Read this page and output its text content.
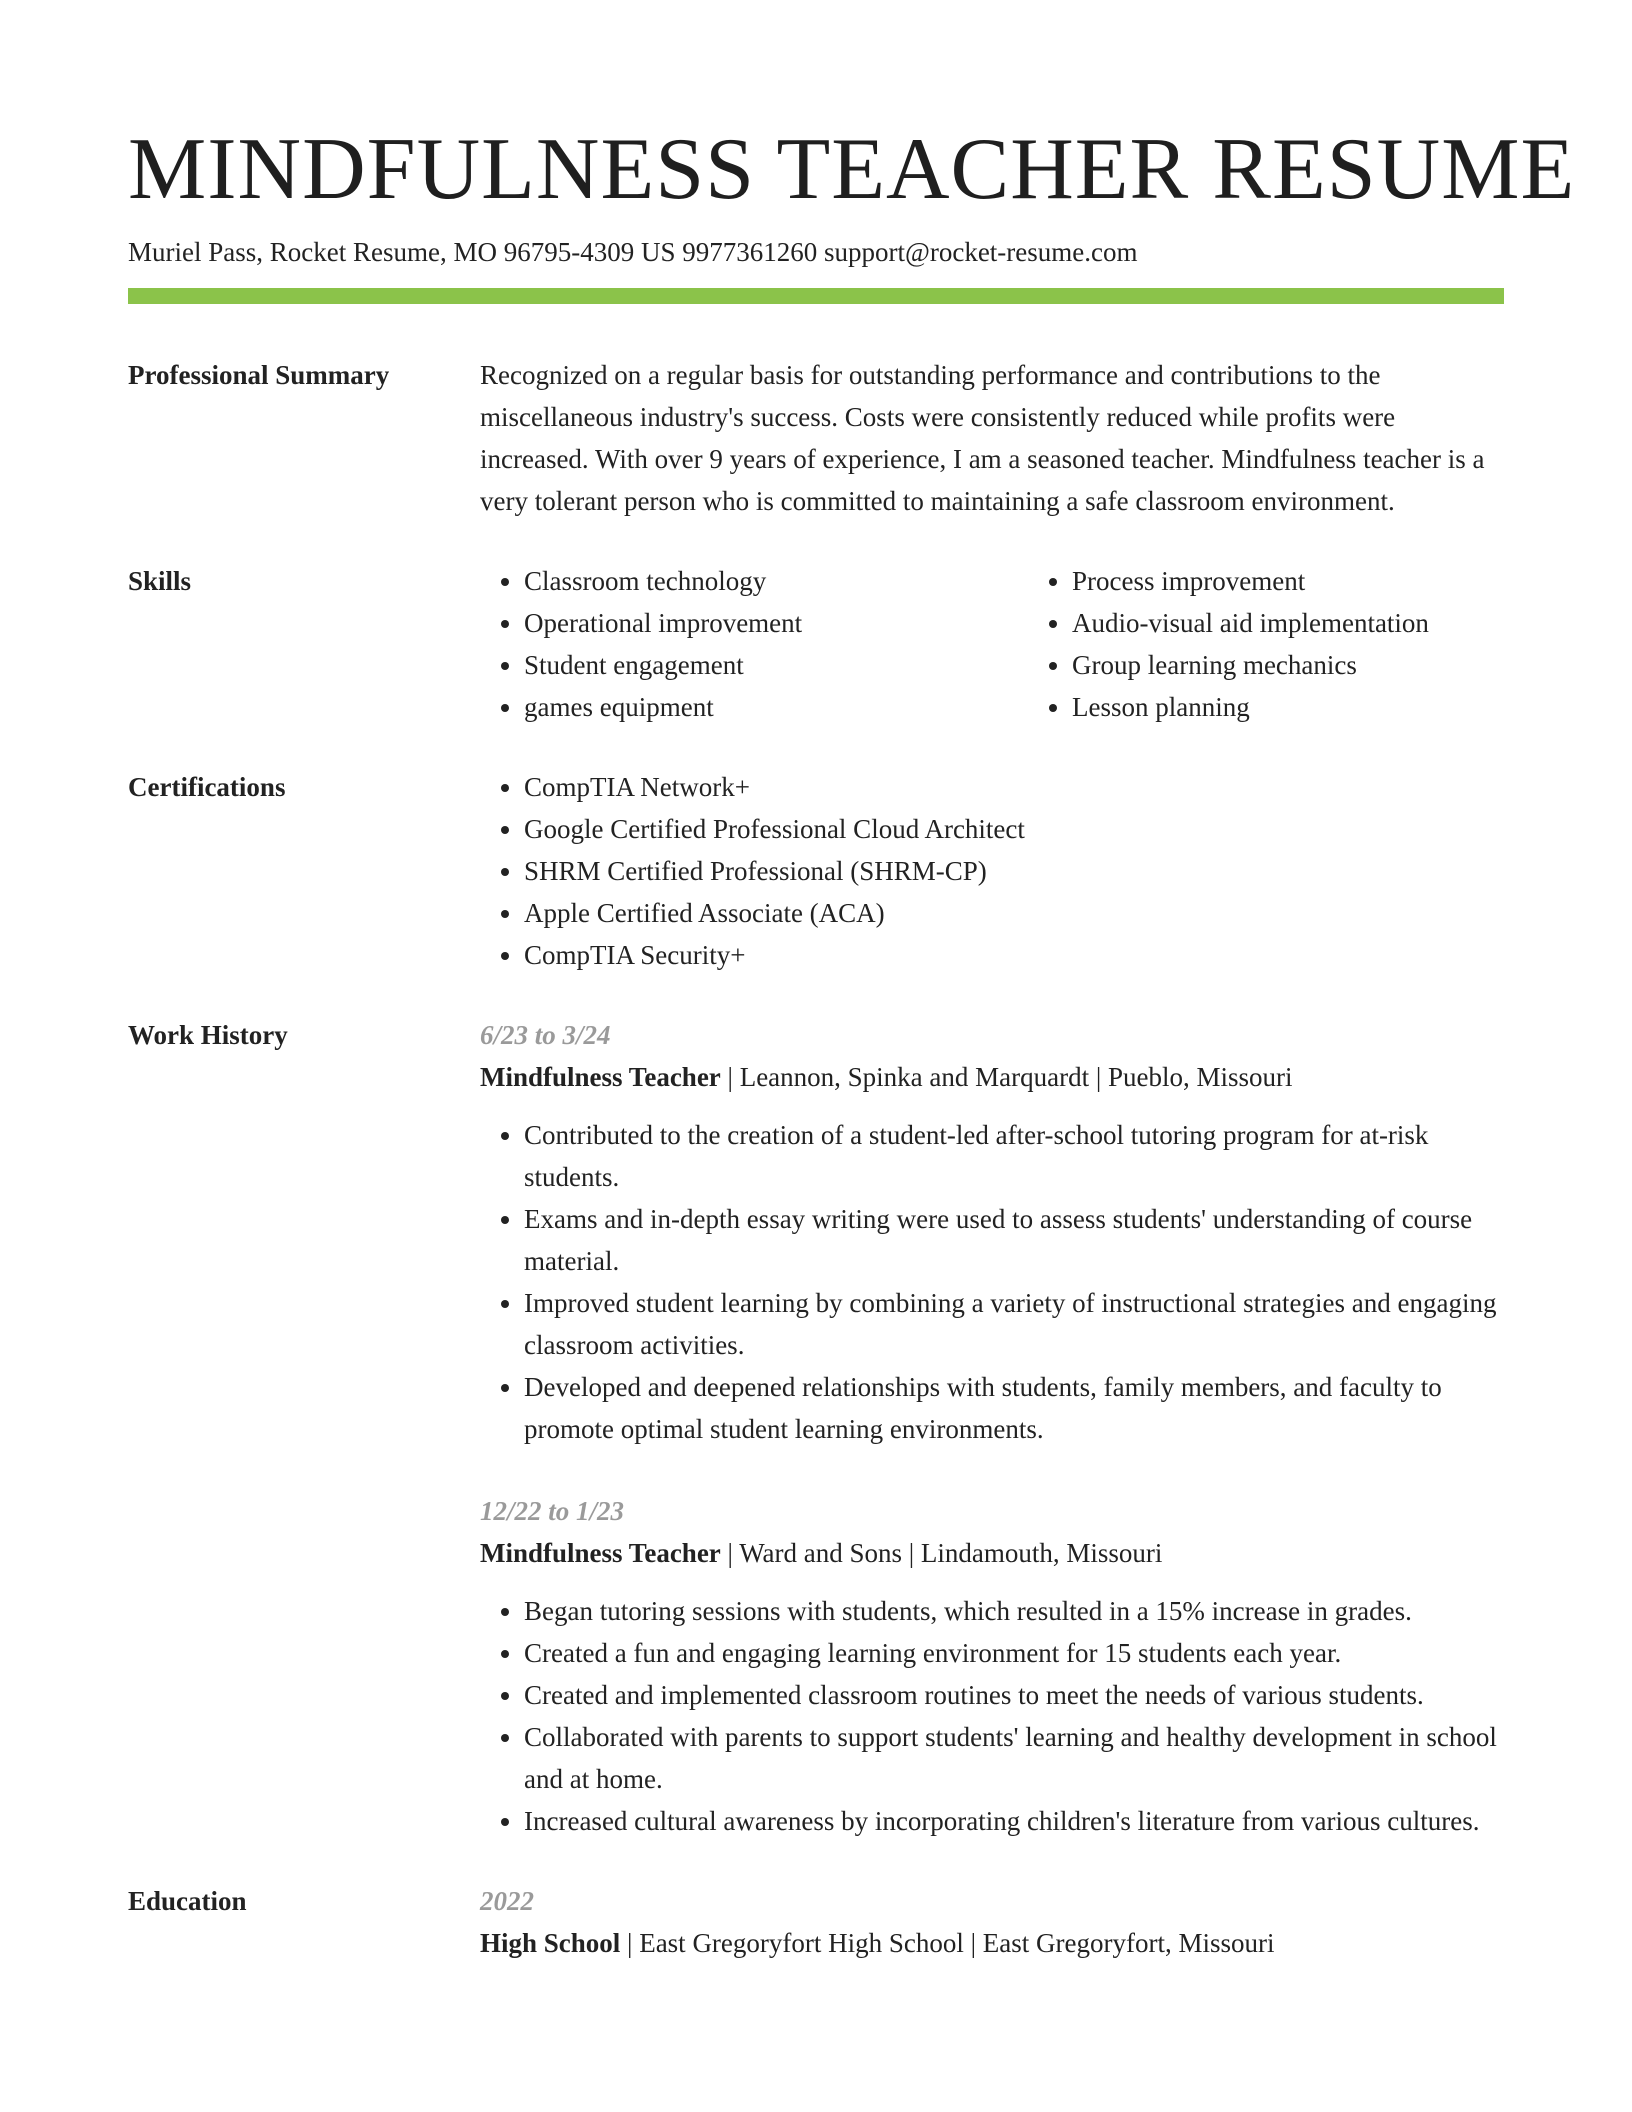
MINDFULNESS TEACHER RESUME
Muriel Pass, Rocket Resume, MO 96795-4309 US 9977361260 support@rocket-resume.com
Professional Summary	Recognized on a regular basis for outstanding performance and contributions to the miscellaneous industry's success. Costs were consistently reduced while profits were increased. With over 9 years of experience, I am a seasoned teacher. Mindfulness teacher is a very tolerant person who is committed to maintaining a safe classroom environment.

Skills	• Classroom technology
• Operational improvement
• Student engagement
• games equipment
• Process improvement
• Audio-visual aid implementation
• Group learning mechanics
• Lesson planning
Certifications	• CompTIA Network+
• Google Certified Professional Cloud Architect
• SHRM Certified Professional (SHRM-CP)
• Apple Certified Associate (ACA)
• CompTIA Security+
Work History	6/23 to 3/24
Mindfulness Teacher | Leannon, Spinka and Marquardt | Pueblo, Missouri
• Contributed to the creation of a student-led after-school tutoring program for at-risk students.
• Exams and in-depth essay writing were used to assess students' understanding of course material.
• Improved student learning by combining a variety of instructional strategies and engaging classroom activities.
• Developed and deepened relationships with students, family members, and faculty to promote optimal student learning environments.
12/22 to 1/23
Mindfulness Teacher | Ward and Sons | Lindamouth, Missouri
• Began tutoring sessions with students, which resulted in a 15% increase in grades.
• Created a fun and engaging learning environment for 15 students each year.
• Created and implemented classroom routines to meet the needs of various students.
• Collaborated with parents to support students' learning and healthy development in school and at home.
• Increased cultural awareness by incorporating children's literature from various cultures.
Education	2022
High School | East Gregoryfort High School | East Gregoryfort, Missouri
